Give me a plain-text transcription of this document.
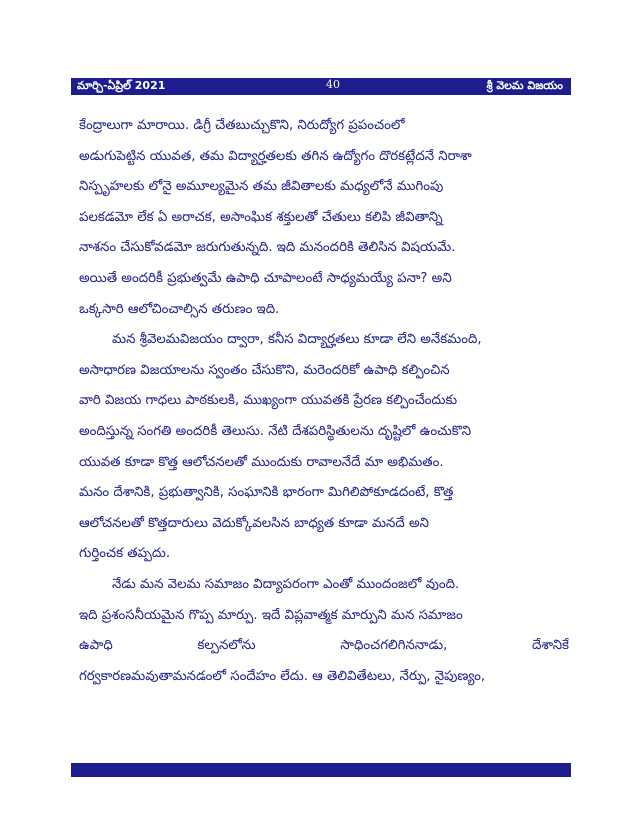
మార్చి-ఏప్రిల్ 2021	40	శ్రీ వెలమ విజయం
కేంద్రాలుగా మారాయి. డిగ్రీ చేతబుచ్చుకొని, నిరుద్యోగ ప్రపంచంలో
అడుగుపెట్టిన యువత, తమ విద్యార్హతలకు తగిన ఉద్యోగం దొరకట్లేదనే నిరాశా
నిస్పృహలకు లోనై అమూల్యమైన తమ జీవితాలకు మధ్యలోనే ముగింపు
పలకడమో లేక ఏ అరాచక, అసాంఘిక శక్తులతో చేతులు కలిపి జీవితాన్ని
నాశనం చేసుకోవడమో జరుగుతున్నది. ఇది మనందరికి తెలిసిన విషయమే.
అయితే అందరికీ ప్రభుత్వమే ఉపాధి చూపాలంటే సాధ్యమయ్యే పనా? అని
ఒక్కసారి ఆలోచించాల్సిన తరుణం ఇది.
మన శ్రీవెలమవిజయం ద్వారా, కనీస విద్యార్హతలు కూడా లేని అనేకమంది,
అసాధారణ విజయాలను స్వంతం చేసుకొని, మరెందరికో ఉపాధి కల్పించిన
వారి విజయ గాధలు పాఠకులకి, ముఖ్యంగా యువతకి ప్రేరణ కల్పించేందుకు
అందిస్తున్న సంగతి అందరికీ తెలుసు. నేటి దేశపరిస్థితులను దృష్టిలో ఉంచుకొని
యువత కూడా కొత్త ఆలోచనలతో ముందుకు రావాలనేదే మా అభిమతం.
మనం దేశానికి, ప్రభుత్వానికి, సంఘానికి భారంగా మిగిలిపోకూడదంటే, కొత్త
ఆలోచనలతో కొత్తదారులు వెదుక్కోవలసిన బాధ్యత కూడా మనదే అని
గుర్తించక తప్పదు.
నేడు మన వెలమ సమాజం విద్యాపరంగా ఎంతో ముందంజలో వుంది.
ఇది ప్రశంసనీయమైన గొప్ప మార్పు. ఇదే విప్లవాత్మక మార్పుని మన సమాజం
ఉపాధి	కల్పనలోను	సాధించగలిగిననాడు,	దేశానికే
గర్వకారణమవుతామనడంలో సందేహం లేదు. ఆ తెలివితేటలు, నేర్పు, నైపుణ్యం,
